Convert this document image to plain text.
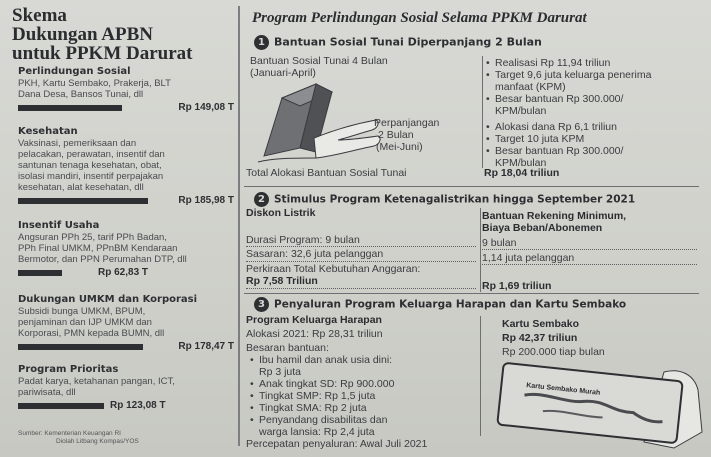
Skema
Dukungan APBN
untuk PPKM Darurat
Perlindungan Sosial
PKH, Kartu Sembako, Prakerja, BLT
Dana Desa, Bansos Tunai, dll
Rp 149,08 T
Kesehatan
Vaksinasi, pemeriksaan dan
pelacakan, perawatan, insentif dan
santunan tenaga kesehatan, obat,
isolasi mandiri, insentif perpajakan
kesehatan, alat kesehatan, dll
Rp 185,98 T
Insentif Usaha
Angsuran PPh 25, tarif PPh Badan,
PPh Final UMKM, PPnBM Kendaraan
Bermotor, dan PPN Perumahan DTP, dll
Rp 62,83 T
Dukungan UMKM dan Korporasi
Subsidi bunga UMKM, BPUM,
penjaminan dan IJP UMKM dan
Korporasi, PMN kepada BUMN, dll
Rp 178,47 T
Program Prioritas
Padat karya, ketahanan pangan, ICT,
pariwisata, dll
Rp 123,08 T
Sumber: Kementerian Keuangan RI
Diolah Litbang Kompas/YOS
Program Perlindungan Sosial Selama PPKM Darurat
1 Bantuan Sosial Tunai Diperpanjang 2 Bulan
Bantuan Sosial Tunai 4 Bulan
(Januari-April)
Perpanjangan
2 Bulan
(Mei-Juni)
Total Alokasi Bantuan Sosial Tunai	Rp 18,04 triliun
• Realisasi Rp 11,94 triliun
• Target 9,6 juta keluarga penerima
manfaat (KPM)
• Besar bantuan Rp 300.000/
KPM/bulan
• Alokasi dana Rp 6,1 triliun
• Target 10 juta KPM
• Besar bantuan Rp 300.000/
KPM/bulan
2 Stimulus Program Ketenagalistrikan hingga September 2021
Diskon Listrik
Durasi Program: 9 bulan
Sasaran: 32,6 juta pelanggan
Perkiraan Total Kebutuhan Anggaran:
Rp 7,58 Triliun
Bantuan Rekening Minimum,
Biaya Beban/Abonemen
9 bulan
1,14 juta pelanggan
Rp 1,69 triliun
3 Penyaluran Program Keluarga Harapan dan Kartu Sembako
Program Keluarga Harapan
Alokasi 2021: Rp 28,31 triliun
Besaran bantuan:
• Ibu hamil dan anak usia dini:
Rp 3 juta
• Anak tingkat SD: Rp 900.000
• Tingkat SMP: Rp 1,5 juta
• Tingkat SMA: Rp 2 juta
• Penyandang disabilitas dan
warga lansia: Rp 2,4 juta
Percepatan penyaluran: Awal Juli 2021
Kartu Sembako
Rp 42,37 triliun
Rp 200.000 tiap bulan
Kartu Sembako Murah
